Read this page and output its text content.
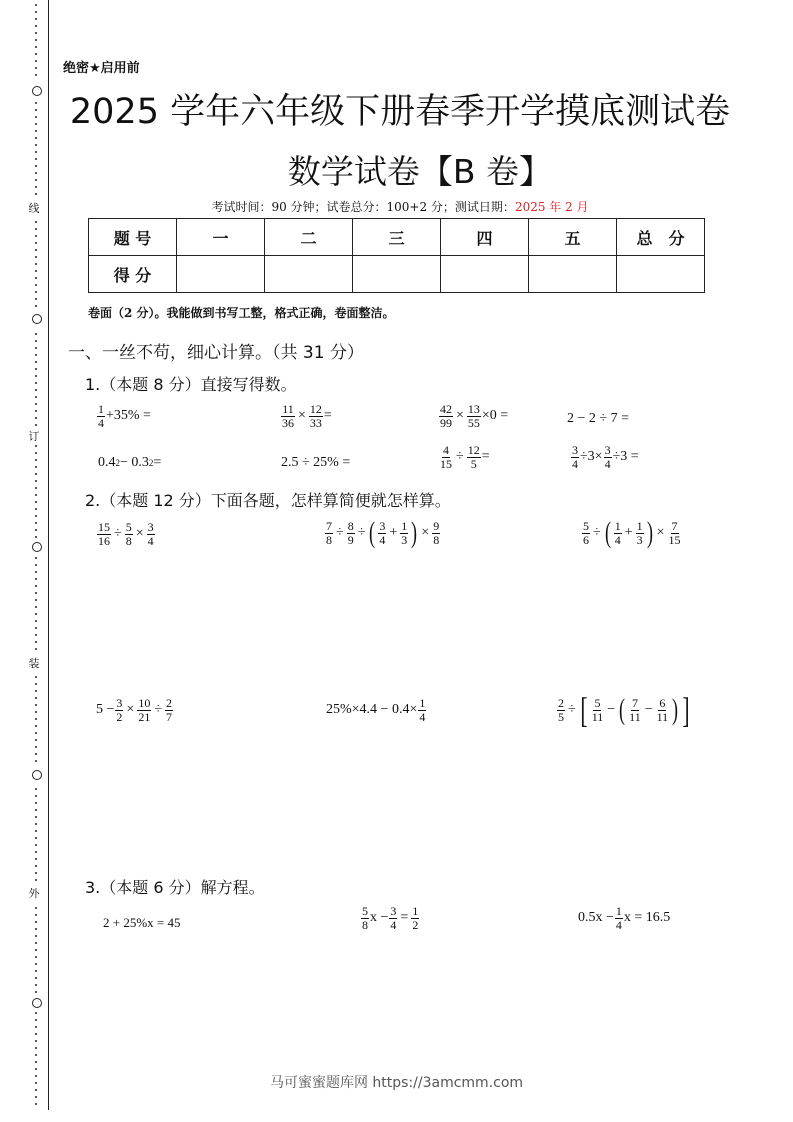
线
订
装
外
绝密★启用前
2025 学年六年级下册春季开学摸底测试卷
数学试卷【B 卷】
考试时间：90 分钟；试卷总分：100+2 分；测试日期：2025 年 2 月
题 号	一	二	三	四	五	总　分
得 分						
卷面（2 分）。我能做到书写工整，格式正确，卷面整洁。
一、一丝不苟，细心计算。（共 31 分）
1.（本题 8 分）直接写得数。
$\frac{1}{4} +35\%$ =	$\frac{11}{36} \times \frac{12}{33}$ =	$\frac{42}{99} \times \frac{13}{55} \times 0$ =	2 − 2 ÷ 7 =
0.4 2 − 0.3 2 =	2.5 ÷ 25% =	$\frac{4}{15} \div \frac{12}{5}$ =	$\frac{3}{4} \div 3\times \frac{3}{4} \div 3$ =
2.（本题 12 分）下面各题，怎样算简便就怎样算。
$\frac{15}{16} \div \frac{5}{8} \times \frac{3}{4}$	$\frac{7}{8} \div \frac{8}{9}$ ÷ ( $\frac{3}{4} + \frac{1}{3}$ ) × $\frac{9}{8}$	$\frac{5}{6}$ ÷ ( $\frac{1}{4} + \frac{1}{3}$ ) × $\frac{7}{15}$
$5 - \frac{3}{2} \times \frac{10}{21} \div \frac{2}{7}$	$25\%\times 4.4 - 0.4\times \frac{1}{4}$	$\frac{2}{5}$ ÷ [ $\frac{5}{11}$ − ( $\frac{7}{11} - \frac{6}{11}$ ) ]
3.（本题 6 分）解方程。
2 + 25%x = 45	$\frac{5}{8}$ $x - \frac{3}{4} = \frac{1}{2}$	$0.5x - \frac{1}{4}$ x = 16.5
马可蜜蜜题库网 https://3amcmm.com
